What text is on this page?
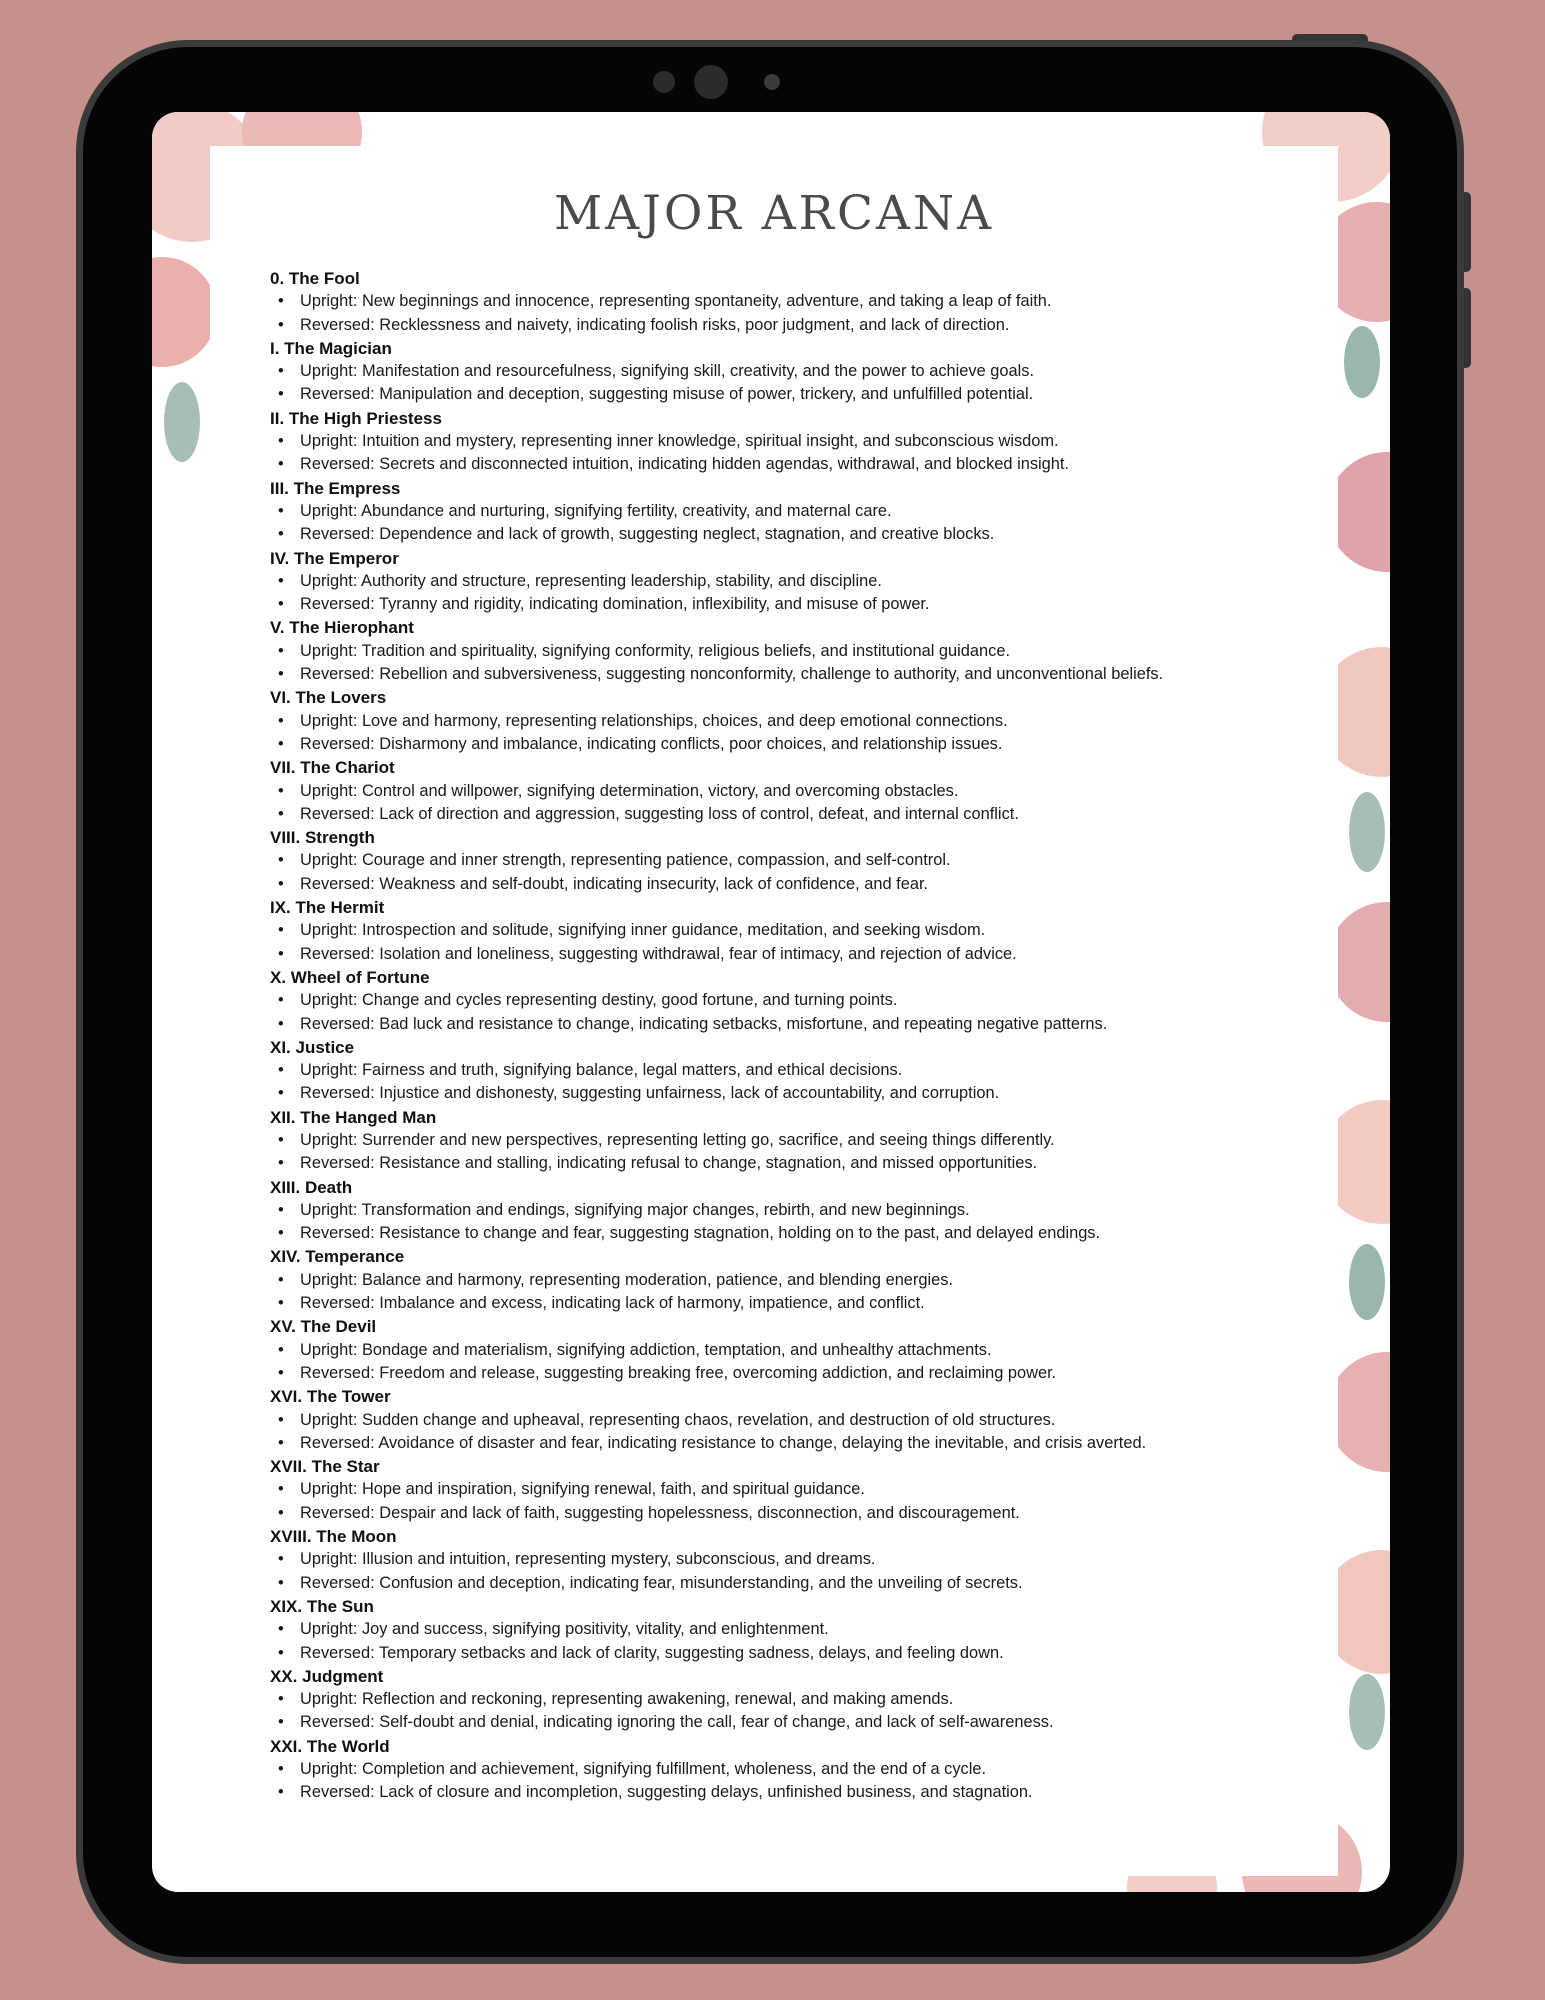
MAJOR ARCANA
0. The Fool
• Upright: New beginnings and innocence, representing spontaneity, adventure, and taking a leap of faith.
• Reversed: Recklessness and naivety, indicating foolish risks, poor judgment, and lack of direction.
I. The Magician
• Upright: Manifestation and resourcefulness, signifying skill, creativity, and the power to achieve goals.
• Reversed: Manipulation and deception, suggesting misuse of power, trickery, and unfulfilled potential.
II. The High Priestess
• Upright: Intuition and mystery, representing inner knowledge, spiritual insight, and subconscious wisdom.
• Reversed: Secrets and disconnected intuition, indicating hidden agendas, withdrawal, and blocked insight.
III. The Empress
• Upright: Abundance and nurturing, signifying fertility, creativity, and maternal care.
• Reversed: Dependence and lack of growth, suggesting neglect, stagnation, and creative blocks.
IV. The Emperor
• Upright: Authority and structure, representing leadership, stability, and discipline.
• Reversed: Tyranny and rigidity, indicating domination, inflexibility, and misuse of power.
V. The Hierophant
• Upright: Tradition and spirituality, signifying conformity, religious beliefs, and institutional guidance.
• Reversed: Rebellion and subversiveness, suggesting nonconformity, challenge to authority, and unconventional beliefs.
VI. The Lovers
• Upright: Love and harmony, representing relationships, choices, and deep emotional connections.
• Reversed: Disharmony and imbalance, indicating conflicts, poor choices, and relationship issues.
VII. The Chariot
• Upright: Control and willpower, signifying determination, victory, and overcoming obstacles.
• Reversed: Lack of direction and aggression, suggesting loss of control, defeat, and internal conflict.
VIII. Strength
• Upright: Courage and inner strength, representing patience, compassion, and self-control.
• Reversed: Weakness and self-doubt, indicating insecurity, lack of confidence, and fear.
IX. The Hermit
• Upright: Introspection and solitude, signifying inner guidance, meditation, and seeking wisdom.
• Reversed: Isolation and loneliness, suggesting withdrawal, fear of intimacy, and rejection of advice.
X. Wheel of Fortune
• Upright: Change and cycles representing destiny, good fortune, and turning points.
• Reversed: Bad luck and resistance to change, indicating setbacks, misfortune, and repeating negative patterns.
XI. Justice
• Upright: Fairness and truth, signifying balance, legal matters, and ethical decisions.
• Reversed: Injustice and dishonesty, suggesting unfairness, lack of accountability, and corruption.
XII. The Hanged Man
• Upright: Surrender and new perspectives, representing letting go, sacrifice, and seeing things differently.
• Reversed: Resistance and stalling, indicating refusal to change, stagnation, and missed opportunities.
XIII. Death
• Upright: Transformation and endings, signifying major changes, rebirth, and new beginnings.
• Reversed: Resistance to change and fear, suggesting stagnation, holding on to the past, and delayed endings.
XIV. Temperance
• Upright: Balance and harmony, representing moderation, patience, and blending energies.
• Reversed: Imbalance and excess, indicating lack of harmony, impatience, and conflict.
XV. The Devil
• Upright: Bondage and materialism, signifying addiction, temptation, and unhealthy attachments.
• Reversed: Freedom and release, suggesting breaking free, overcoming addiction, and reclaiming power.
XVI. The Tower
• Upright: Sudden change and upheaval, representing chaos, revelation, and destruction of old structures.
• Reversed: Avoidance of disaster and fear, indicating resistance to change, delaying the inevitable, and crisis averted.
XVII. The Star
• Upright: Hope and inspiration, signifying renewal, faith, and spiritual guidance.
• Reversed: Despair and lack of faith, suggesting hopelessness, disconnection, and discouragement.
XVIII. The Moon
• Upright: Illusion and intuition, representing mystery, subconscious, and dreams.
• Reversed: Confusion and deception, indicating fear, misunderstanding, and the unveiling of secrets.
XIX. The Sun
• Upright: Joy and success, signifying positivity, vitality, and enlightenment.
• Reversed: Temporary setbacks and lack of clarity, suggesting sadness, delays, and feeling down.
XX. Judgment
• Upright: Reflection and reckoning, representing awakening, renewal, and making amends.
• Reversed: Self-doubt and denial, indicating ignoring the call, fear of change, and lack of self-awareness.
XXI. The World
• Upright: Completion and achievement, signifying fulfillment, wholeness, and the end of a cycle.
• Reversed: Lack of closure and incompletion, suggesting delays, unfinished business, and stagnation.
